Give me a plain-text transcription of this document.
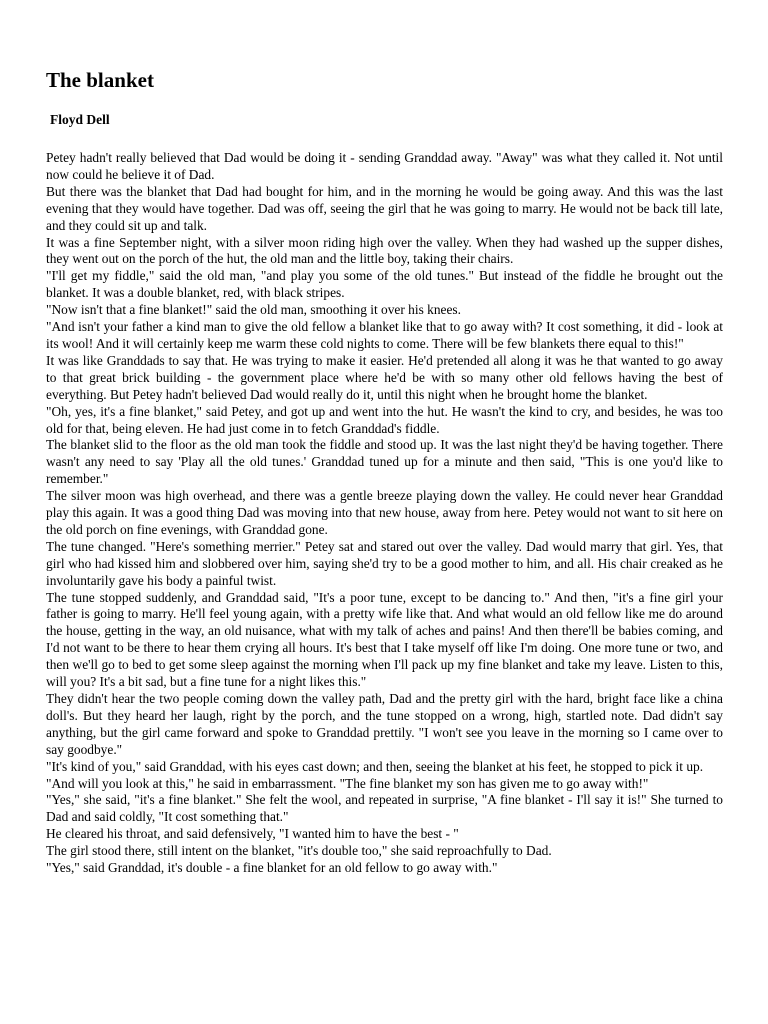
The blanket
Floyd Dell

Petey hadn't really believed that Dad would be doing it - sending Granddad away. "Away" was what they called it. Not until now could he believe it of Dad.

But there was the blanket that Dad had bought for him, and in the morning he would be going away. And this was the last evening that they would have together. Dad was off, seeing the girl that he was going to marry. He would not be back till late, and they could sit up and talk.

It was a fine September night, with a silver moon riding high over the valley. When they had washed up the supper dishes, they went out on the porch of the hut, the old man and the little boy, taking their chairs.

"I'll get my fiddle," said the old man, "and play you some of the old tunes." But instead of the fiddle he brought out the blanket. It was a double blanket, red, with black stripes.

"Now isn't that a fine blanket!" said the old man, smoothing it over his knees.

"And isn't your father a kind man to give the old fellow a blanket like that to go away with? It cost something, it did - look at its wool! And it will certainly keep me warm these cold nights to come. There will be few blankets there equal to this!"

It was like Granddads to say that. He was trying to make it easier. He'd pretended all along it was he that wanted to go away to that great brick building - the government place where he'd be with so many other old fellows having the best of everything. But Petey hadn't believed Dad would really do it, until this night when he brought home the blanket.

"Oh, yes, it's a fine blanket," said Petey, and got up and went into the hut. He wasn't the kind to cry, and besides, he was too old for that, being eleven. He had just come in to fetch Granddad's fiddle.

The blanket slid to the floor as the old man took the fiddle and stood up. It was the last night they'd be having together. There wasn't any need to say 'Play all the old tunes.' Granddad tuned up for a minute and then said, "This is one you'd like to remember."

The silver moon was high overhead, and there was a gentle breeze playing down the valley. He could never hear Granddad play this again. It was a good thing Dad was moving into that new house, away from here. Petey would not want to sit here on the old porch on fine evenings, with Granddad gone.

The tune changed. "Here's something merrier." Petey sat and stared out over the valley. Dad would marry that girl. Yes, that girl who had kissed him and slobbered over him, saying she'd try to be a good mother to him, and all. His chair creaked as he involuntarily gave his body a painful twist.

The tune stopped suddenly, and Granddad said, "It's a poor tune, except to be dancing to." And then, "it's a fine girl your father is going to marry. He'll feel young again, with a pretty wife like that. And what would an old fellow like me do around the house, getting in the way, an old nuisance, what with my talk of aches and pains! And then there'll be babies coming, and I'd not want to be there to hear them crying all hours. It's best that I take myself off like I'm doing. One more tune or two, and then we'll go to bed to get some sleep against the morning when I'll pack up my fine blanket and take my leave. Listen to this, will you? It's a bit sad, but a fine tune for a night likes this."

They didn't hear the two people coming down the valley path, Dad and the pretty girl with the hard, bright face like a china doll's. But they heard her laugh, right by the porch, and the tune stopped on a wrong, high, startled note. Dad didn't say anything, but the girl came forward and spoke to Granddad prettily. "I won't see you leave in the morning so I came over to say goodbye."

"It's kind of you," said Granddad, with his eyes cast down; and then, seeing the blanket at his feet, he stopped to pick it up.

"And will you look at this," he said in embarrassment. "The fine blanket my son has given me to go away with!"

"Yes," she said, "it's a fine blanket." She felt the wool, and repeated in surprise, "A fine blanket - I'll say it is!" She turned to Dad and said coldly, "It cost something that."

He cleared his throat, and said defensively, "I wanted him to have the best - "

The girl stood there, still intent on the blanket, "it's double too," she said reproachfully to Dad.

"Yes," said Granddad, it's double - a fine blanket for an old fellow to go away with."
